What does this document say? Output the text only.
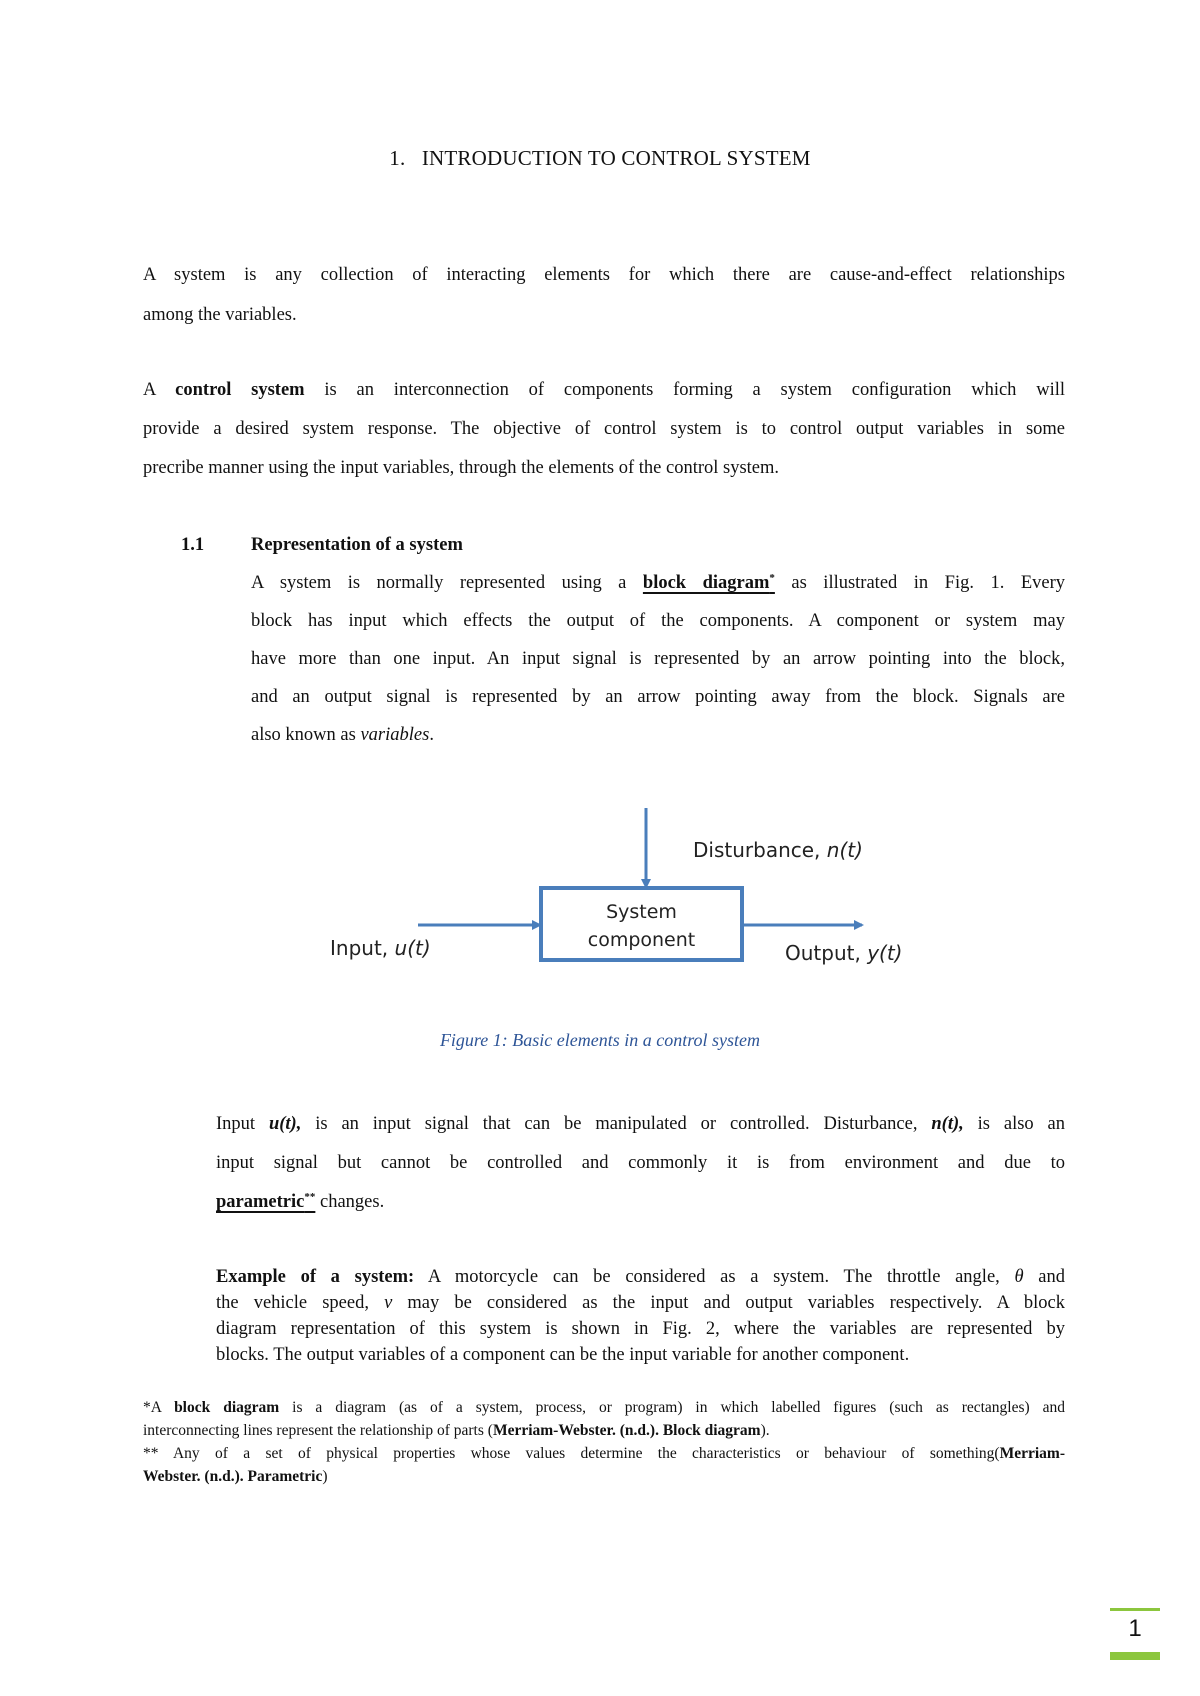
1. INTRODUCTION TO CONTROL SYSTEM
A system is any collection of interacting elements for which there are cause-and-effect relationships
among the variables.
A control system is an interconnection of components forming a system configuration which will
provide a desired system response. The objective of control system is to control output variables in some
precribe manner using the input variables, through the elements of the control system.
1.1	Representation of a system
A system is normally represented using a block diagram* as illustrated in Fig. 1. Every
block has input which effects the output of the components. A component or system may
have more than one input. An input signal is represented by an arrow pointing into the block,
and an output signal is represented by an arrow pointing away from the block. Signals are
also known as variables.
System
component
Disturbance, n(t)
Input, u(t)	Output, y(t)
Figure 1: Basic elements in a control system
Input u(t), is an input signal that can be manipulated or controlled. Disturbance, n(t), is also an
input signal but cannot be controlled and commonly it is from environment and due to
parametric** changes.
Example of a system: A motorcycle can be considered as a system. The throttle angle, θ and
the vehicle speed, v may be considered as the input and output variables respectively. A block
diagram representation of this system is shown in Fig. 2, where the variables are represented by
blocks. The output variables of a component can be the input variable for another component.
*A block diagram is a diagram (as of a system, process, or program) in which labelled figures (such as rectangles) and
interconnecting lines represent the relationship of parts (Merriam-Webster. (n.d.). Block diagram).
** Any of a set of physical properties whose values determine the characteristics or behaviour of something(Merriam-
Webster. (n.d.). Parametric)
1
